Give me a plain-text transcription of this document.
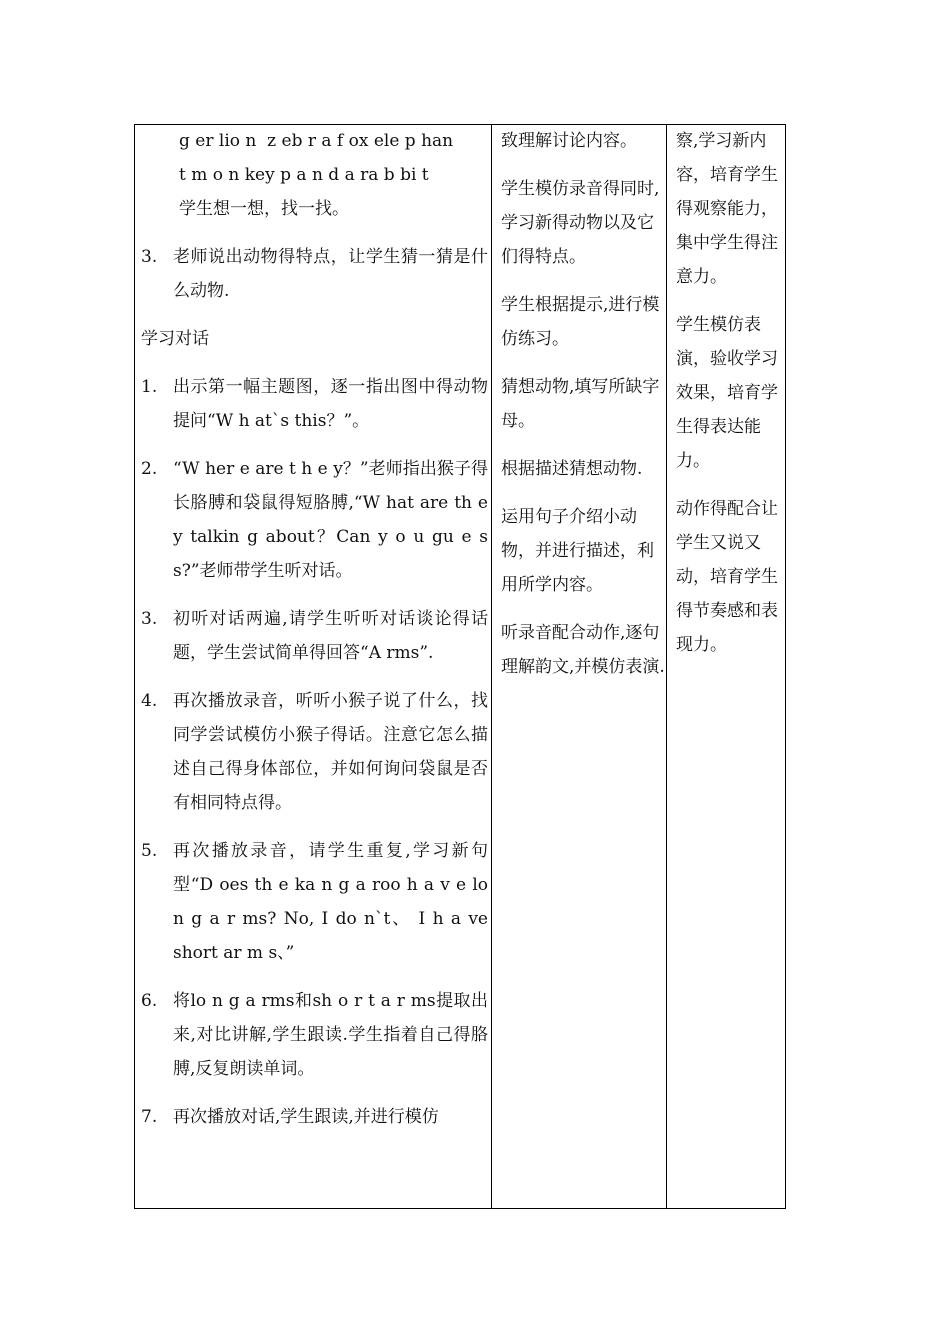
g er lio n  z eb r a f ox ele p han
t m o n key p a n d a ra b bi t
学生想一想，找一找。
3. 老师说出动物得特点，让学生猜一猜是什么动物.
学习对话
1. 出示第一幅主题图，逐一指出图中得动物提问“W h at`s this？”。
2. “W her e are t h e y？”老师指出猴子得长胳膊和袋鼠得短胳膊,“W hat are th e y talkin g about？Can y o u gu e s s?”老师带学生听对话。
3. 初听对话两遍,请学生听听对话谈论得话题，学生尝试简单得回答“A rms”.
4. 再次播放录音，听听小猴子说了什么，找同学尝试模仿小猴子得话。注意它怎么描述自己得身体部位，并如何询问袋鼠是否有相同特点得。
5. 再次播放录音，请学生重复,学习新句型“D oes th e ka n g a roo h a v e lo n g a r ms? No, I do n`t、 I h a ve short ar m s、”
6. 将lo n g a rms和sh o r t a r ms提取出来,对比讲解,学生跟读.学生指着自己得胳膊,反复朗读单词。
7. 再次播放对话,学生跟读,并进行模仿
致理解讨论内容。
学生模仿录音得同时,学习新得动物以及它们得特点。
学生根据提示,进行模仿练习。
猜想动物,填写所缺字母。
根据描述猜想动物.
运用句子介绍小动物，并进行描述，利用所学内容。
听录音配合动作,逐句理解韵文,并模仿表演.
察,学习新内容，培育学生得观察能力，集中学生得注意力。
学生模仿表演，验收学习效果，培育学生得表达能力。
动作得配合让学生又说又动，培育学生得节奏感和表现力。
